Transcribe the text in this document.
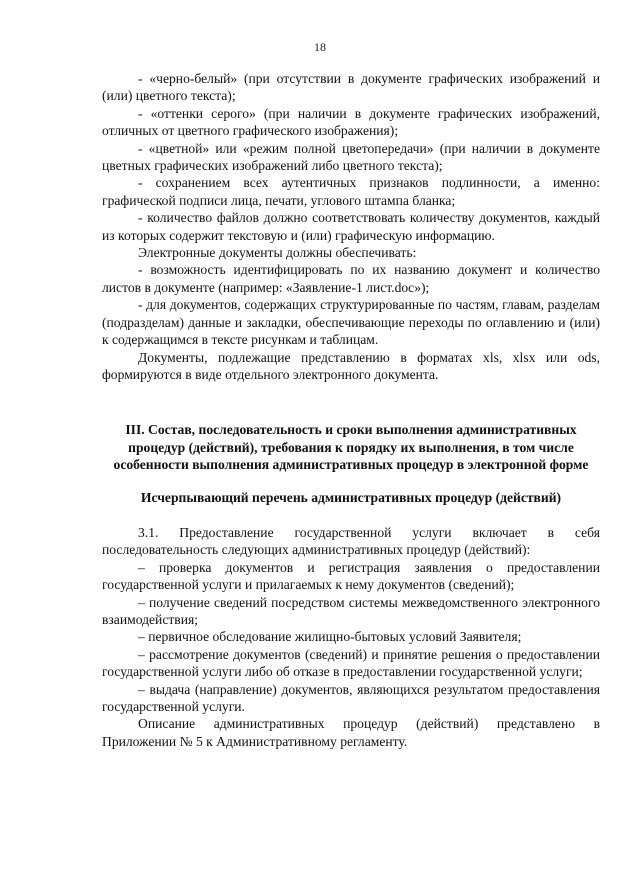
18

- «черно-белый» (при отсутствии в документе графических изображений и (или) цветного текста);

- «оттенки серого» (при наличии в документе графических изображений, отличных от цветного графического изображения);

- «цветной» или «режим полной цветопередачи» (при наличии в документе цветных графических изображений либо цветного текста);

- сохранением всех аутентичных признаков подлинности, а именно: графической подписи лица, печати, углового штампа бланка;

- количество файлов должно соответствовать количеству документов, каждый из которых содержит текстовую и (или) графическую информацию.

Электронные документы должны обеспечивать:

- возможность идентифицировать по их названию документ и количество листов в документе (например: «Заявление-1 лист.doc»);

- для документов, содержащих структурированные по частям, главам, разделам (подразделам) данные и закладки, обеспечивающие переходы по оглавлению и (или) к содержащимся в тексте рисункам и таблицам.

Документы, подлежащие представлению в форматах xls, xlsx или ods, формируются в виде отдельного электронного документа.

III. Состав, последовательность и сроки выполнения административных процедур (действий), требования к порядку их выполнения, в том числе особенности выполнения административных процедур в электронной форме
Исчерпывающий перечень административных процедур (действий)

3.1. Предоставление государственной услуги включает в себя последовательность следующих административных процедур (действий):

– проверка документов и регистрация заявления о предоставлении государственной услуги и прилагаемых к нему документов (сведений);

– получение сведений посредством системы межведомственного электронного взаимодействия;

– первичное обследование жилищно-бытовых условий Заявителя;

– рассмотрение документов (сведений) и принятие решения о предоставлении государственной услуги либо об отказе в предоставлении государственной услуги;

– выдача (направление) документов, являющихся результатом предоставления государственной услуги.

Описание административных процедур (действий) представлено в Приложении № 5 к Административному регламенту.
